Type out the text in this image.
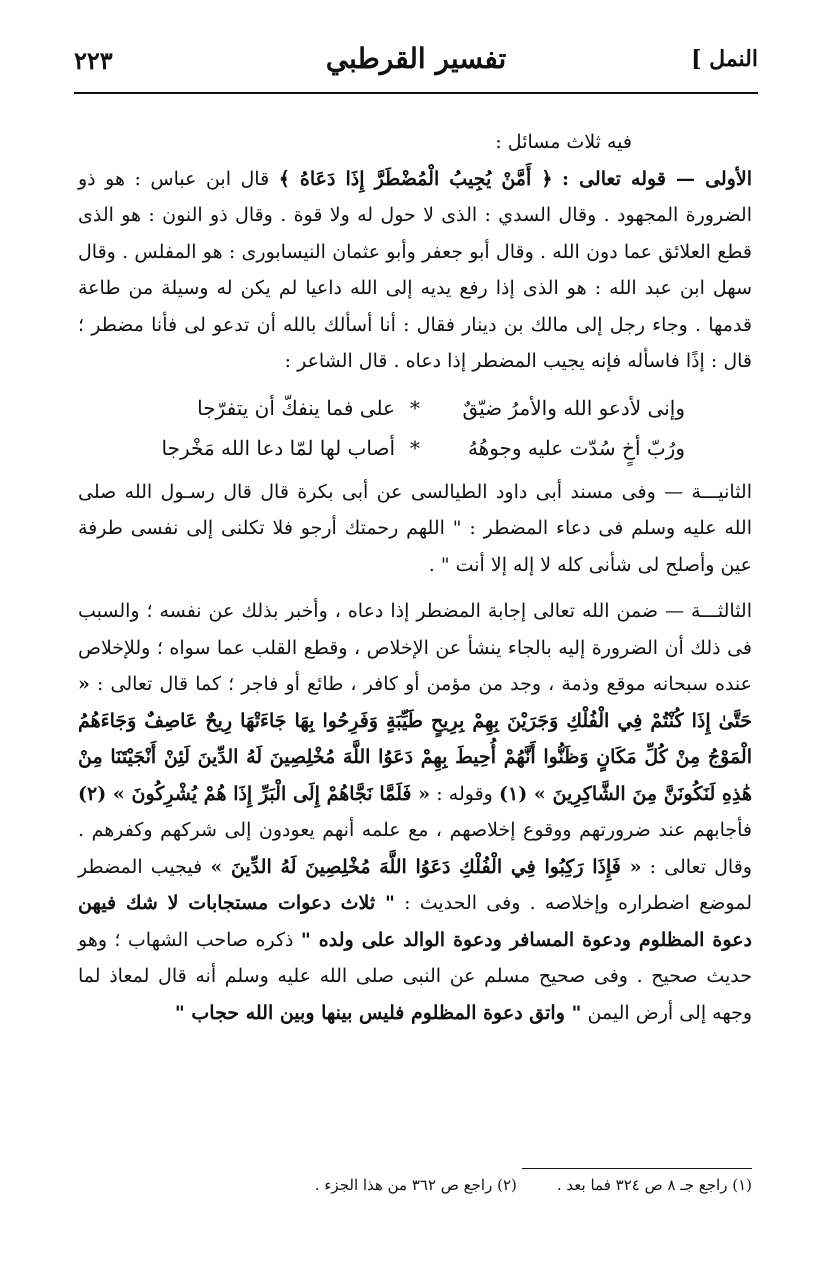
النمل ]
تفسير القرطبي
٢٢٣

فيه ثلاث مسائل :

الأولى — قوله تعالى : ﴿ أَمَّنْ يُجِيبُ الْمُضْطَرَّ إِذَا دَعَاهُ ﴾ قال ابن عباس : هو ذو الضرورة المجهود . وقال السدي : الذى لا حول له ولا قوة . وقال ذو النون : هو الذى قطع العلائق عما دون الله . وقال أبو جعفر وأبو عثمان النيسابورى : هو المفلس . وقال سهل ابن عبد الله : هو الذى إذا رفع يديه إلى الله داعيا لم يكن له وسيلة من طاعة قدمها . وجاء رجل إلى مالك بن دينار فقال : أنا أسألك بالله أن تدعو لى فأنا مضطر ؛ قال : إذًا فاسأله فإنه يجيب المضطر إذا دعاه . قال الشاعر :

وإنى لأدعو الله والأمرُ ضيّقٌ
*
على فما ينفكّ أن يتفرّجا
ورُبّ أخٍ سُدّت عليه وجوهُهُ
*
أصاب لها لمّا دعا الله مَخْرجا

الثانيـــة — وفى مسند أبى داود الطيالسى عن أبى بكرة قال قال رسـول الله صلى الله عليه وسلم فى دعاء المضطر : " اللهم رحمتك أرجو فلا تكلنى إلى نفسى طرفة عين وأصلح لى شأنى كله لا إله إلا أنت " .

الثالثـــة — ضمن الله تعالى إجابة المضطر إذا دعاه ، وأخبر بذلك عن نفسه ؛ والسبب فى ذلك أن الضرورة إليه بالجاء ينشأ عن الإخلاص ، وقطع القلب عما سواه ؛ وللإخلاص عنده سبحانه موقع وذمة ، وجد من مؤمن أو كافر ، طائع أو فاجر ؛ كما قال تعالى : « حَتَّىٰ إِذَا كُنْتُمْ فِي الْفُلْكِ وَجَرَيْنَ بِهِمْ بِرِيحٍ طَيِّبَةٍ وَفَرِحُوا بِهَا جَاءَتْهَا رِيحٌ عَاصِفٌ وَجَاءَهُمُ الْمَوْجُ مِنْ كُلِّ مَكَانٍ وَظَنُّوا أَنَّهُمْ أُحِيطَ بِهِمْ دَعَوُا اللَّهَ مُخْلِصِينَ لَهُ الدِّينَ لَئِنْ أَنْجَيْتَنَا مِنْ هَٰذِهِ لَنَكُونَنَّ مِنَ الشَّاكِرِينَ » (١) وقوله : « فَلَمَّا نَجَّاهُمْ إِلَى الْبَرِّ إِذَا هُمْ يُشْرِكُونَ » (٢) فأجابهم عند ضرورتهم ووقوع إخلاصهم ، مع علمه أنهم يعودون إلى شركهم وكفرهم . وقال تعالى : « فَإِذَا رَكِبُوا فِي الْفُلْكِ دَعَوُا اللَّهَ مُخْلِصِينَ لَهُ الدِّينَ » فيجيب المضطر لموضع اضطراره وإخلاصه . وفى الحديث : " ثلاث دعوات مستجابات لا شك فيهن دعوة المظلوم ودعوة المسافر ودعوة الوالد على ولده " ذكره صاحب الشهاب ؛ وهو حديث صحيح . وفى صحيح مسلم عن النبى صلى الله عليه وسلم أنه قال لمعاذ لما وجهه إلى أرض اليمن " واتق دعوة المظلوم فليس بينها وبين الله حجاب "

(١) راجع جـ ٨ ص ٣٢٤ فما بعد .
(٢) راجع ص ٣٦٢ من هذا الجزء .
